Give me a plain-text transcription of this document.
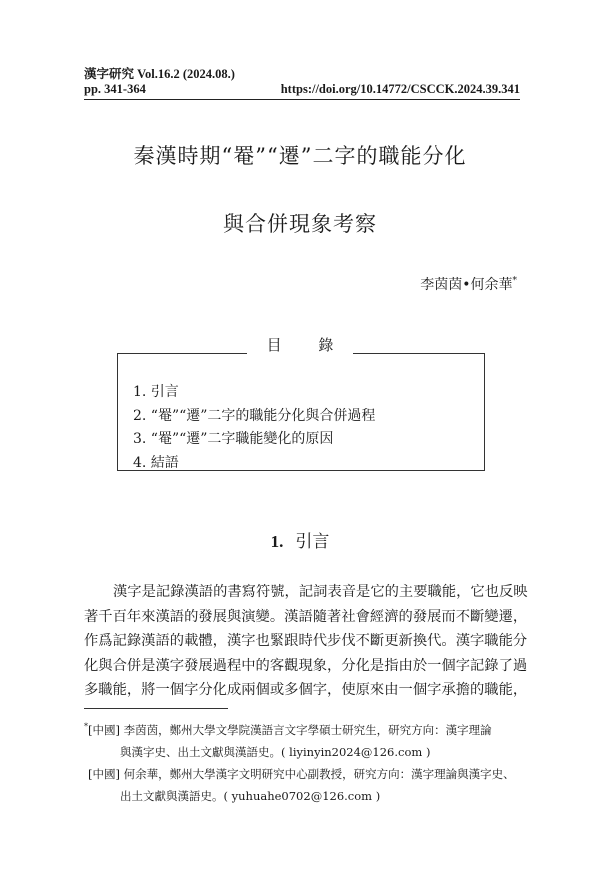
漢字研究 Vol.16.2 (2024.08.)
pp. 341-364	https://doi.org/10.14772/CSCCK.2024.39.341
秦漢時期“罨”“遷”二字的職能分化
與合併現象考察
李茵茵•何余華*
目 錄
1. 引言
2. “罨”“遷”二字的職能分化與合併過程
3. “罨”“遷”二字職能變化的原因
4. 結語
1. 引言
漢字是記錄漢語的書寫符號，記詞表音是它的主要職能，它也反映
著千百年來漢語的發展與演變。漢語隨著社會經濟的發展而不斷變遷，
作爲記錄漢語的載體，漢字也緊跟時代步伐不斷更新換代。漢字職能分
化與合併是漢字發展過程中的客觀現象，分化是指由於一個字記錄了過
多職能，將一個字分化成兩個或多個字，使原來由一個字承擔的職能，
*[中國] 李茵茵，鄭州大學文學院漢語言文字學碩士研究生，研究方向：漢字理論
與漢字史、出土文獻與漢語史。( liyinyin2024@126.com )
[中國] 何余華，鄭州大學漢字文明研究中心副教授，研究方向：漢字理論與漢字史、
出土文獻與漢語史。( yuhuahe0702@126.com )
